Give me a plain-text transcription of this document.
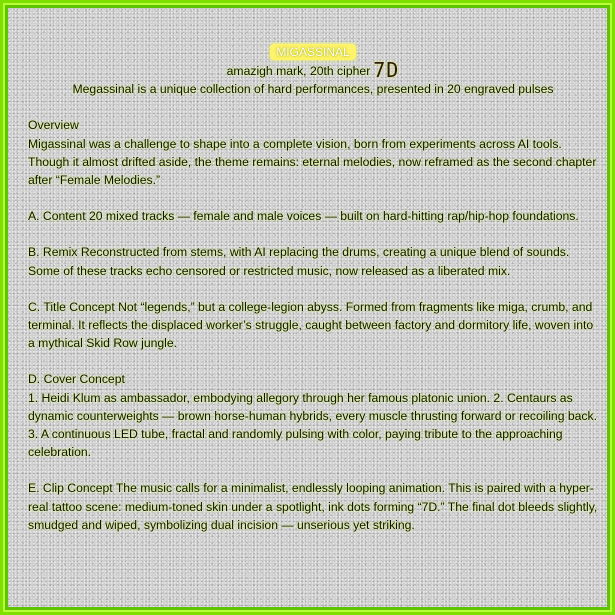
MIGASSINAL
amazigh mark, 20th cipher 7D

Megassinal is a unique collection of hard performances, presented in 20 engraved pulses

Overview

Migassinal was a challenge to shape into a complete vision, born from experiments across AI tools. Though it almost drifted aside, the theme remains: eternal melodies, now reframed as the second chapter after “Female Melodies.”

A. Content 20 mixed tracks — female and male voices — built on hard-hitting rap/hip-hop foundations.

B. Remix Reconstructed from stems, with AI replacing the drums, creating a unique blend of sounds. Some of these tracks echo censored or restricted music, now released as a liberated mix.

C. Title Concept Not “legends,” but a college-legion abyss. Formed from fragments like miga, crumb, and terminal. It reflects the displaced worker’s struggle, caught between factory and dormitory life, woven into a mythical Skid Row jungle.

D. Cover Concept

1. Heidi Klum as ambassador, embodying allegory through her famous platonic union. 2. Centaurs as dynamic counterweights — brown horse-human hybrids, every muscle thrusting forward or recoiling back.

3. A continuous LED tube, fractal and randomly pulsing with color, paying tribute to the approaching celebration.

E. Clip Concept The music calls for a minimalist, endlessly looping animation. This is paired with a hyper-real tattoo scene: medium-toned skin under a spotlight, ink dots forming “7D.” The final dot bleeds slightly, smudged and wiped, symbolizing dual incision — unserious yet striking.
